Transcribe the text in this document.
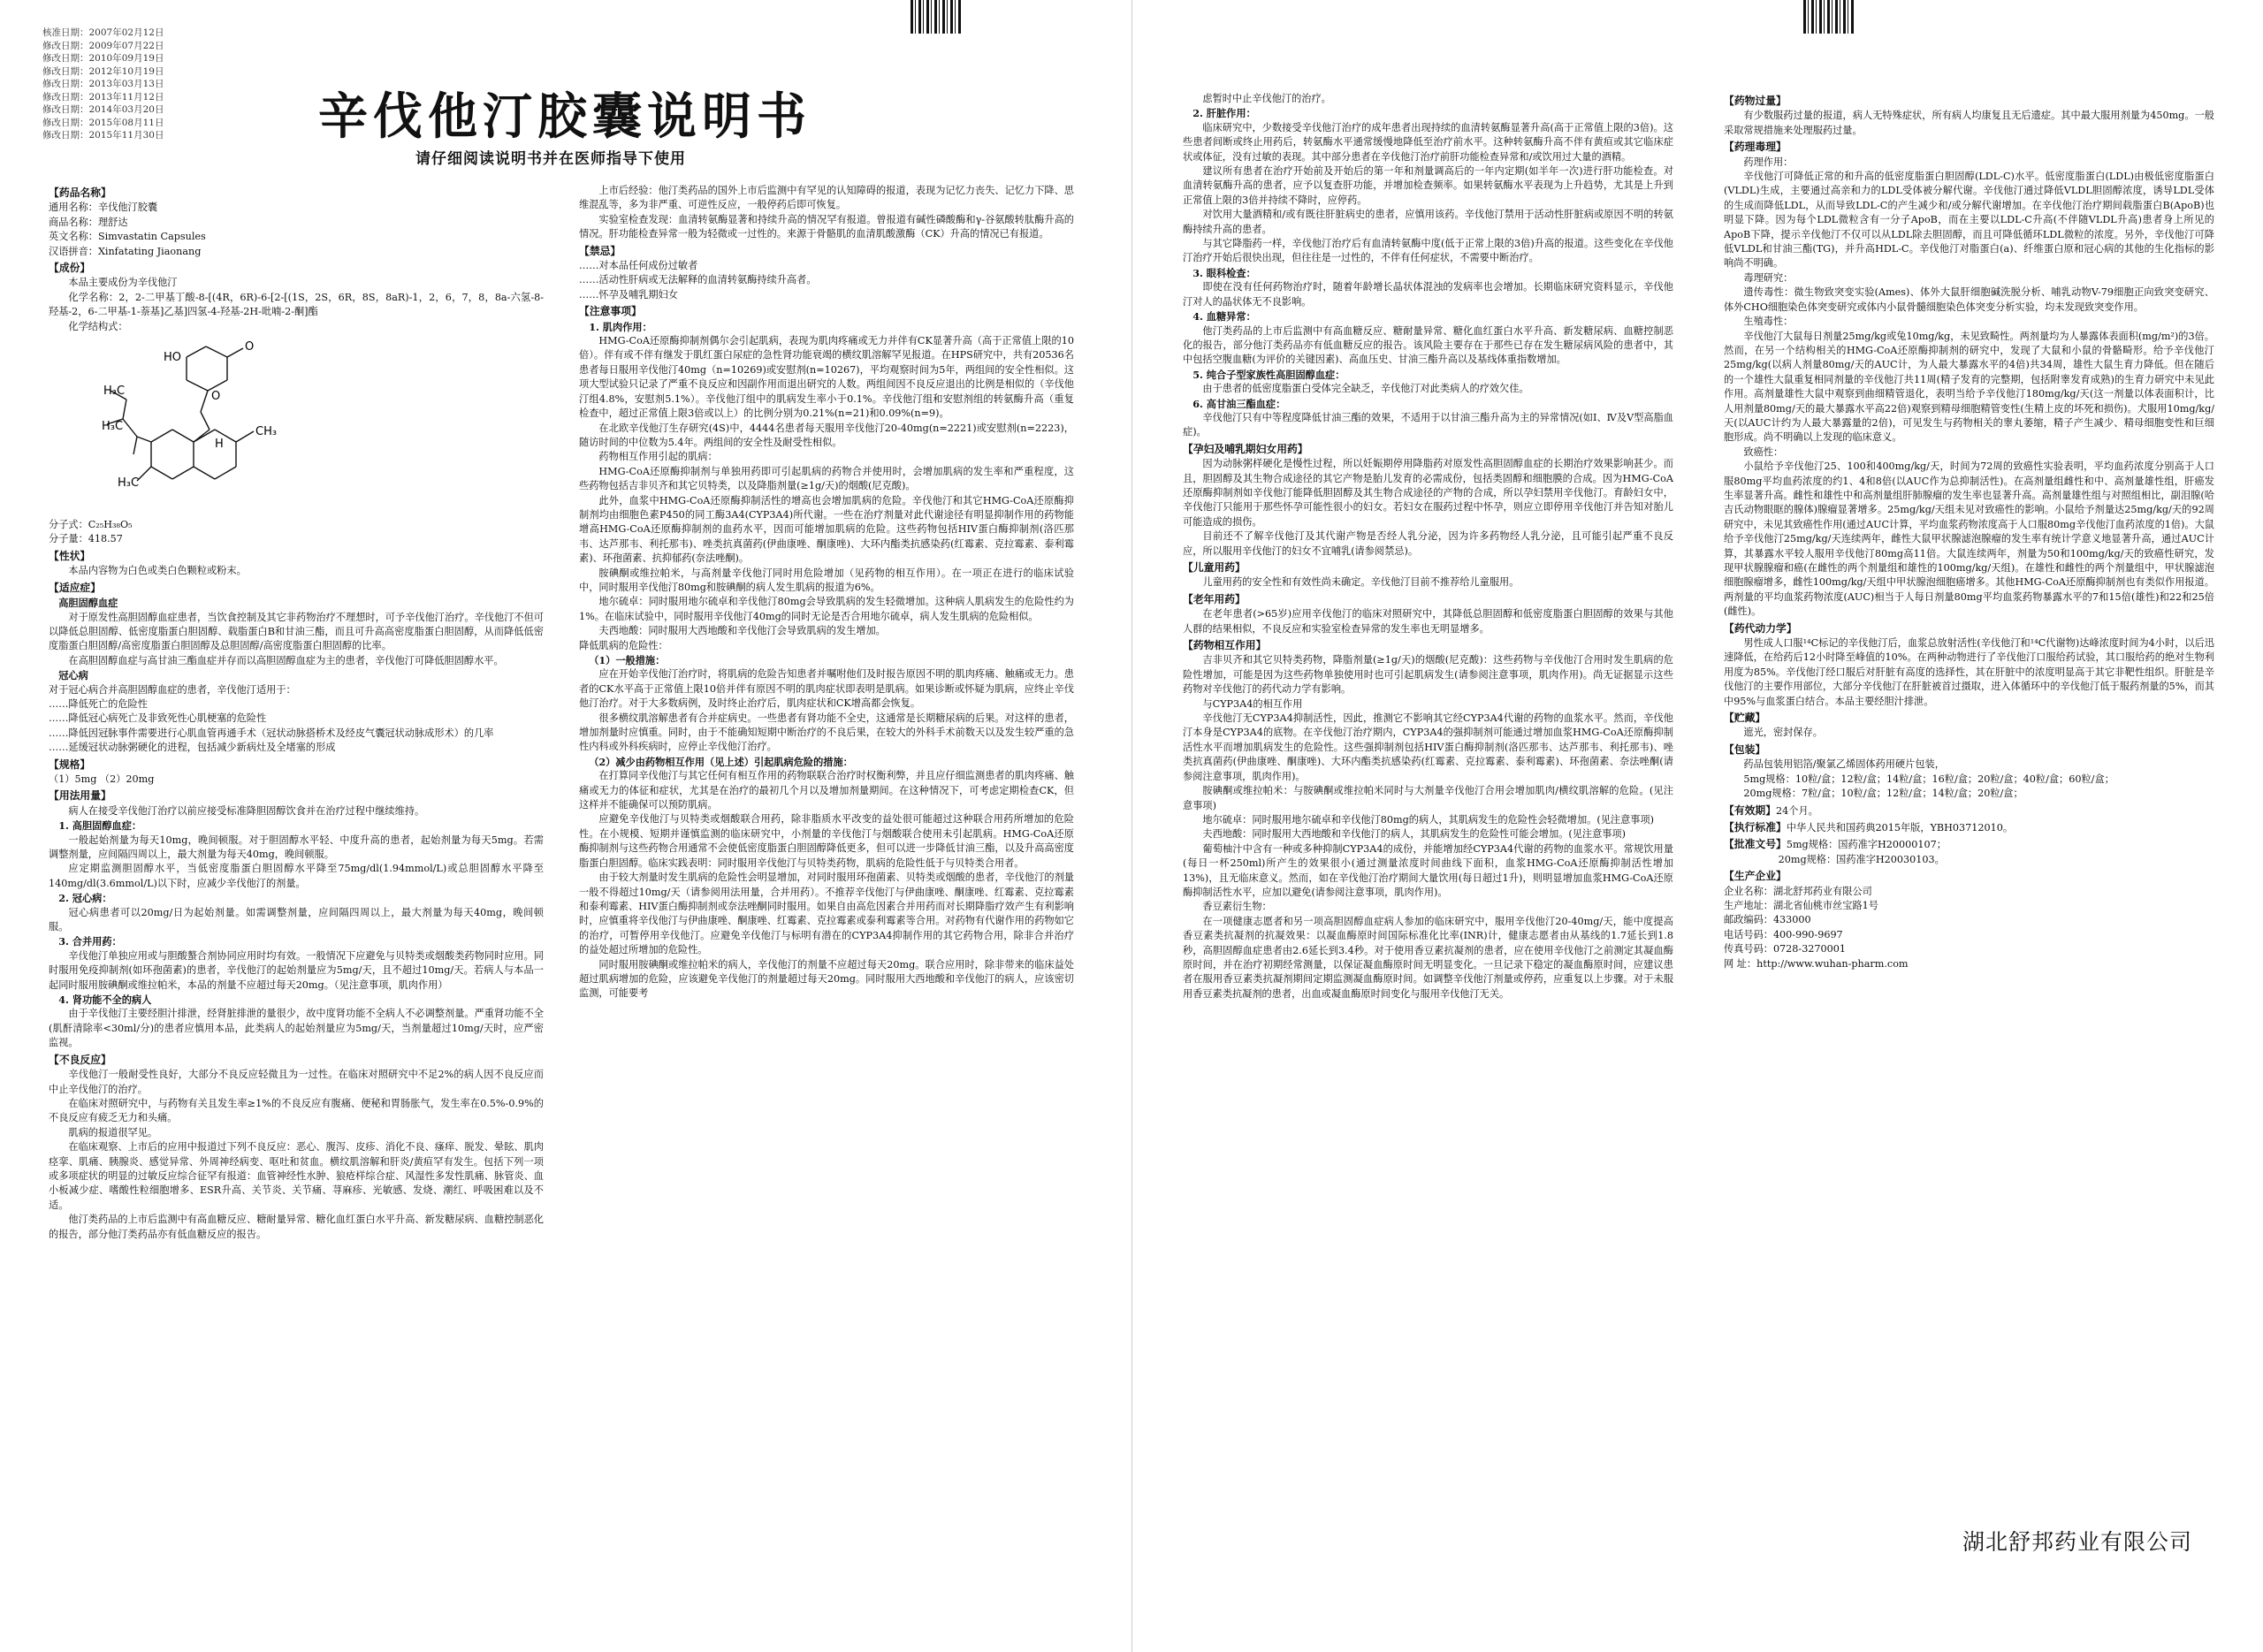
核准日期：2007年02月12日
修改日期：2009年07月22日
修改日期：2010年09月19日
修改日期：2012年10月19日
修改日期：2013年03月13日
修改日期：2013年11月12日
修改日期：2014年03月20日
修改日期：2015年08月11日
修改日期：2015年11月30日	辛伐他汀胶囊说明书
请仔细阅读说明书并在医师指导下使用
【 药品名称 】

通用名称：辛伐他汀胶囊

商品名称：理舒达

英文名称：Simvastatin Capsules

汉语拼音：Xinfatating Jiaonang

【 成份 】

本品主要成份为辛伐他汀

化学名称：2，2-二甲基丁酸-8-[(4R，6R)-6-[2-[(1S，2S，6R，8S，8aR)-1，2，6，7，8，8a-六氢-8-羟基-2，6-二甲基-1-萘基]乙基]四氢-4-羟基-2H-吡喃-2-酮]酯

化学结构式：

HO
O
O
H₃C
H₃C	CH₃
H₃C
H

分子式：C₂₅H₃₈O₅

分子量：418.57

【 性状 】

本品内容物为白色或类白色颗粒或粉末。

【 适应症 】

高胆固醇血症

对于原发性高胆固醇血症患者，当饮食控制及其它非药物治疗不理想时，可予辛伐他汀治疗。辛伐他汀不但可以降低总胆固醇、低密度脂蛋白胆固醇、载脂蛋白B和甘油三酯，而且可升高高密度脂蛋白胆固醇，从而降低低密度脂蛋白胆固醇/高密度脂蛋白胆固醇及总胆固醇/高密度脂蛋白胆固醇的比率。

在高胆固醇血症与高甘油三酯血症并存而以高胆固醇血症为主的患者，辛伐他汀可降低胆固醇水平。

冠心病

对于冠心病合并高胆固醇血症的患者，辛伐他汀适用于：

……降低死亡的危险性

……降低冠心病死亡及非致死性心肌梗塞的危险性

……降低因冠脉事件需要进行心肌血管再通手术（冠状动脉搭桥术及经皮气囊冠状动脉成形术）的几率

……延缓冠状动脉粥硬化的进程，包括减少新病灶及全堵塞的形成

【 规格 】

（1）5mg （2）20mg

【 用法用量 】

病人在接受辛伐他汀治疗以前应接受标准降胆固醇饮食并在治疗过程中继续维持。

1. 高胆固醇血症：

一般起始剂量为每天10mg，晚间顿服。对于胆固醇水平轻、中度升高的患者，起始剂量为每天5mg。若需调整剂量，应间隔四周以上，最大剂量为每天40mg，晚间顿服。

应定期监测胆固醇水平，当低密度脂蛋白胆固醇水平降至75mg/dl(1.94mmol/L)或总胆固醇水平降至140mg/dl(3.6mmol/L)以下时，应减少辛伐他汀的剂量。

2. 冠心病：

冠心病患者可以20mg/日为起始剂量。如需调整剂量，应间隔四周以上，最大剂量为每天40mg，晚间顿服。

3. 合并用药：

辛伐他汀单独应用或与胆酸螯合剂协同应用时均有效。一般情况下应避免与贝特类或烟酸类药物同时应用。同时服用免疫抑制剂(如环孢菌素)的患者，辛伐他汀的起始剂量应为5mg/天，且不超过10mg/天。若病人与本品一起同时服用胺碘酮或维拉帕米，本品的剂量不应超过每天20mg。（见注意事项，肌肉作用）

4. 肾功能不全的病人

由于辛伐他汀主要经胆汁排泄，经肾脏排泄的量很少，故中度肾功能不全病人不必调整剂量。严重肾功能不全(肌酐清除率<30ml/分)的患者应慎用本品，此类病人的起始剂量应为5mg/天，当剂量超过10mg/天时，应严密监视。

【 不良反应 】

辛伐他汀一般耐受性良好，大部分不良反应轻微且为一过性。在临床对照研究中不足2%的病人因不良反应而中止辛伐他汀的治疗。

在临床对照研究中，与药物有关且发生率≥1%的不良反应有腹痛、便秘和胃肠胀气，发生率在0.5%-0.9%的不良反应有疲乏无力和头痛。

肌病的报道很罕见。

在临床观察、上市后的应用中报道过下列不良反应：恶心、腹泻、皮疹、消化不良、瘙痒、脱发、晕眩、肌肉痉挛、肌痛、胰腺炎、感觉异常、外周神经病变、呕吐和贫血。横纹肌溶解和肝炎/黄疸罕有发生。包括下列一项或多项症状的明显的过敏反应综合征罕有报道：血管神经性水肿、狼疮样综合症、风湿性多发性肌痛、脉管炎、血小板减少症、嗜酸性粒细胞增多、ESR升高、关节炎、关节痛、荨麻疹、光敏感、发烧、潮红、呼吸困难以及不适。

他汀类药品的上市后监测中有高血糖反应、糖耐量异常、糖化血红蛋白水平升高、新发糖尿病、血糖控制恶化的报告，部分他汀类药品亦有低血糖反应的报告。

上市后经验：他汀类药品的国外上市后监测中有罕见的认知障碍的报道，表现为记忆力丧失、记忆力下降、思维混乱等，多为非严重、可逆性反应，一般停药后即可恢复。

实验室检查发现：血清转氨酶显著和持续升高的情况罕有报道。曾报道有碱性磷酸酶和γ-谷氨酸转肽酶升高的情况。肝功能检查异常一般为轻微或一过性的。来源于骨骼肌的血清肌酸激酶（CK）升高的情况已有报道。

【 禁忌 】

……对本品任何成份过敏者

……活动性肝病或无法解释的血清转氨酶持续升高者。

……怀孕及哺乳期妇女

【 注意事项 】

1. 肌肉作用：

HMG-CoA还原酶抑制剂偶尔会引起肌病，表现为肌肉疼痛或无力并伴有CK显著升高（高于正常值上限的10倍）。伴有或不伴有继发于肌红蛋白尿症的急性肾功能衰竭的横纹肌溶解罕见报道。在HPS研究中，共有20536名患者每日服用辛伐他汀40mg（n=10269)或安慰剂(n=10267)，平均观察时间为5年，两组间的安全性相似。这项大型试验只记录了严重不良反应和因副作用而退出研究的人数。两组间因不良反应退出的比例是相似的（辛伐他汀组4.8%，安慰剂5.1%）。辛伐他汀组中的肌病发生率小于0.1%。辛伐他汀组和安慰剂组的转氨酶升高（重复检查中，超过正常值上限3倍或以上）的比例分别为0.21%(n=21)和0.09%(n=9)。

在北欧辛伐他汀生存研究(4S)中，4444名患者每天服用辛伐他汀20-40mg(n=2221)或安慰剂(n=2223)，随访时间的中位数为5.4年。两组间的安全性及耐受性相似。

药物相互作用引起的肌病：

HMG-CoA还原酶抑制剂与单独用药即可引起肌病的药物合并使用时，会增加肌病的发生率和严重程度，这些药物包括吉非贝齐和其它贝特类，以及降脂剂量(≥1g/天)的烟酸(尼克酸)。

此外，血浆中HMG-CoA还原酶抑制活性的增高也会增加肌病的危险。辛伐他汀和其它HMG-CoA还原酶抑制剂均由细胞色素P450的同工酶3A4(CYP3A4)所代谢。一些在治疗剂量对此代谢途径有明显抑制作用的药物能增高HMG-CoA还原酶抑制剂的血药水平，因而可能增加肌病的危险。这些药物包括HIV蛋白酶抑制剂(洛匹那韦、达芦那韦、利托那韦)、唑类抗真菌药(伊曲康唑、酮康唑)、大环内酯类抗感染药(红霉素、克拉霉素、泰利霉素)、环孢菌素、抗抑郁药(奈法唑酮)。

胺碘酮或维拉帕米，与高剂量辛伐他汀同时用危险增加（见药物的相互作用）。在一项正在进行的临床试验中，同时服用辛伐他汀80mg和胺碘酮的病人发生肌病的报道为6%。

地尔硫卓：同时服用地尔硫卓和辛伐他汀80mg会导致肌病的发生轻微增加。这种病人肌病发生的危险性约为1%。在临床试验中，同时服用辛伐他汀40mg的同时无论是否合用地尔硫卓，病人发生肌病的危险相似。

夫西地酸：同时服用大西地酸和辛伐他汀会导致肌病的发生增加。

降低肌病的危险性：

（1）一般措施：

应在开始辛伐他汀治疗时，将肌病的危险告知患者并嘱咐他们及时报告原因不明的肌肉疼痛、触痛或无力。患者的CK水平高于正常值上限10倍并伴有原因不明的肌肉症状即表明是肌病。如果诊断或怀疑为肌病，应终止辛伐他汀治疗。对于大多数病例，及时终止治疗后，肌肉症状和CK增高都会恢复。

很多横纹肌溶解患者有合并症病史。一些患者有肾功能不全史，这通常是长期糖尿病的后果。对这样的患者，增加剂量时应慎重。同时，由于不能确知短期中断治疗的不良后果，在较大的外科手术前数天以及发生较严重的急性内科或外科疾病时，应停止辛伐他汀治疗。

（2）减少由药物相互作用（见上述）引起肌病危险的措施：

在打算同辛伐他汀与其它任何有相互作用的药物联联合治疗时权衡利弊，并且应仔细监测患者的肌肉疼痛、触痛或无力的体征和症状，尤其是在治疗的最初几个月以及增加剂量期间。在这种情况下，可考虑定期检查CK，但这样并不能确保可以预防肌病。

应避免辛伐他汀与贝特类或烟酸联合用药，除非脂质水平改变的益处很可能超过这种联合用药所增加的危险性。在小规模、短期并谨慎监测的临床研究中，小剂量的辛伐他汀与烟酸联合使用未引起肌病。HMG-CoA还原酶抑制剂与这些药物合用通常不会使低密度脂蛋白胆固醇降低更多，但可以进一步降低甘油三酯，以及升高高密度脂蛋白胆固醇。临床实践表明：同时服用辛伐他汀与贝特类药物，肌病的危险性低于与贝特类合用者。

由于较大剂量时发生肌病的危险性会明显增加，对同时服用环孢菌素、贝特类或烟酸的患者，辛伐他汀的剂量一般不得超过10mg/天（请参阅用法用量，合并用药）。不推荐辛伐他汀与伊曲康唑、酮康唑、红霉素、克拉霉素和泰利霉素、HIV蛋白酶抑制剂或奈法唑酮同时服用。如果自由高危因素合并用药而对长期降脂疗效产生有利影响时，应慎重将辛伐他汀与伊曲康唑、酮康唑、红霉素、克拉霉素或泰利霉素等合用。对药物有代谢作用的药物如它的治疗，可暂停用辛伐他汀。应避免辛伐他汀与标明有潜在的CYP3A4抑制作用的其它药物合用，除非合并治疗的益处超过所增加的危险性。

同时服用胺碘酮或维拉帕米的病人，辛伐他汀的剂量不应超过每天20mg。联合应用时，除非带来的临床益处超过肌病增加的危险，应该避免辛伐他汀的剂量超过每天20mg。同时服用大西地酸和辛伐他汀的病人，应该密切监测，可能要考

虑暂时中止辛伐他汀的治疗。

2. 肝脏作用：

临床研究中，少数接受辛伐他汀治疗的成年患者出现持续的血清转氨酶显著升高(高于正常值上限的3倍)。这些患者间断或终止用药后，转氨酶水平通常缓慢地降低至治疗前水平。这种转氨酶升高不伴有黄疸或其它临床症状或体征，没有过敏的表现。其中部分患者在辛伐他汀治疗前肝功能检查异常和/或饮用过大量的酒精。

建议所有患者在治疗开始前及开始后的第一年和剂量调高后的一年内定期(如半年一次)进行肝功能检查。对血清转氨酶升高的患者，应予以复查肝功能，并增加检查频率。如果转氨酶水平表现为上升趋势，尤其是上升到正常值上限的3倍并持续不降时，应停药。

对饮用大量酒精和/或有既往肝脏病史的患者，应慎用该药。辛伐他汀禁用于活动性肝脏病或原因不明的转氨酶持续升高的患者。

与其它降脂药一样，辛伐他汀治疗后有血清转氨酶中度(低于正常上限的3倍)升高的报道。这些变化在辛伐他汀治疗开始后很快出现，但往往是一过性的，不伴有任何症状，不需要中断治疗。

3. 眼科检查：

即使在没有任何药物治疗时，随着年龄增长晶状体混浊的发病率也会增加。长期临床研究资料显示，辛伐他汀对人的晶状体无不良影响。

4. 血糖异常：

他汀类药品的上市后监测中有高血糖反应、糖耐量异常、糖化血红蛋白水平升高、新发糖尿病、血糖控制恶化的报告，部分他汀类药品亦有低血糖反应的报告。该风险主要存在于那些已存在发生糖尿病风险的患者中，其中包括空腹血糖(为评价的关键因素)、高血压史、甘油三酯升高以及基线体重指数增加。

5. 纯合子型家族性高胆固醇血症：

由于患者的低密度脂蛋白受体完全缺乏，辛伐他汀对此类病人的疗效欠佳。

6. 高甘油三酯血症：

辛伐他汀只有中等程度降低甘油三酯的效果，不适用于以甘油三酯升高为主的异常情况(如Ⅰ、Ⅳ及Ⅴ型高脂血症)。

【 孕妇及哺乳期妇女用药 】

因为动脉粥样硬化是慢性过程，所以妊娠期停用降脂药对原发性高胆固醇血症的长期治疗效果影响甚少。而且，胆固醇及其生物合成途径的其它产物是胎儿发育的必需成份，包括类固醇和细胞膜的合成。因为HMG-CoA还原酶抑制剂如辛伐他汀能降低胆固醇及其生物合成途径的产物的合成，所以孕妇禁用辛伐他汀。育龄妇女中，辛伐他汀只能用于那些怀孕可能性很小的妇女。若妇女在服药过程中怀孕，则应立即停用辛伐他汀并告知对胎儿可能造成的损伤。

目前还不了解辛伐他汀及其代谢产物是否经人乳分泌，因为许多药物经人乳分泌，且可能引起严重不良反应，所以服用辛伐他汀的妇女不宜哺乳(请参阅禁忌)。

【 儿童用药 】

儿童用药的安全性和有效性尚未确定。辛伐他汀目前不推荐给儿童服用。

【 老年用药 】

在老年患者(>65岁)应用辛伐他汀的临床对照研究中，其降低总胆固醇和低密度脂蛋白胆固醇的效果与其他人群的结果相似，不良反应和实验室检查异常的发生率也无明显增多。

【 药物相互作用 】

吉非贝齐和其它贝特类药物，降脂剂量(≥1g/天)的烟酸(尼克酸)：这些药物与辛伐他汀合用时发生肌病的危险性增加，可能是因为这些药物单独使用时也可引起肌病发生(请参阅注意事项，肌肉作用)。尚无证据显示这些药物对辛伐他汀的药代动力学有影响。

与CYP3A4的相互作用

辛伐他汀无CYP3A4抑制活性，因此，推测它不影响其它经CYP3A4代谢的药物的血浆水平。然而，辛伐他汀本身是CYP3A4的底物。在辛伐他汀治疗期内，CYP3A4的强抑制剂可能通过增加血浆HMG-CoA还原酶抑制活性水平而增加肌病发生的危险性。这些强抑制剂包括HIV蛋白酶抑制剂(洛匹那韦、达芦那韦、利托那韦)、唑类抗真菌药(伊曲康唑、酮康唑)、大环内酯类抗感染药(红霉素、克拉霉素、泰利霉素)、环孢菌素、奈法唑酮(请参阅注意事项，肌肉作用)。

胺碘酮或维拉帕米：与胺碘酮或维拉帕米同时与大剂量辛伐他汀合用会增加肌肉/横纹肌溶解的危险。(见注意事项)

地尔硫卓：同时服用地尔硫卓和辛伐他汀80mg的病人，其肌病发生的危险性会轻微增加。(见注意事项)

夫西地酸：同时服用大西地酸和辛伐他汀的病人，其肌病发生的危险性可能会增加。(见注意事项)

葡萄柚汁中含有一种或多种抑制CYP3A4的成份，并能增加经CYP3A4代谢的药物的血浆水平。常规饮用量(每日一杯250ml)所产生的效果很小(通过测量浓度时间曲线下面积，血浆HMG-CoA还原酶抑制活性增加13%)，且无临床意义。然而，如在辛伐他汀治疗期间大量饮用(每日超过1升)，则明显增加血浆HMG-CoA还原酶抑制活性水平，应加以避免(请参阅注意事项，肌肉作用)。

香豆素衍生物：

在一项健康志愿者和另一项高胆固醇血症病人参加的临床研究中，服用辛伐他汀20-40mg/天，能中度提高香豆素类抗凝剂的抗凝效果：以凝血酶原时间国际标准化比率(INR)计，健康志愿者由从基线的1.7延长到1.8秒，高胆固醇血症患者由2.6延长到3.4秒。对于使用香豆素抗凝剂的患者，应在使用辛伐他汀之前测定其凝血酶原时间，并在治疗初期经常测量，以保证凝血酶原时间无明显变化。一旦记录下稳定的凝血酶原时间，应建议患者在服用香豆素类抗凝剂期间定期监测凝血酶原时间。如调整辛伐他汀剂量或停药，应重复以上步骤。对于未服用香豆素类抗凝剂的患者，出血或凝血酶原时间变化与服用辛伐他汀无关。

【 药物过量 】

有少数服药过量的报道，病人无特殊症状，所有病人均康复且无后遗症。其中最大服用剂量为450mg。一般采取常规措施来处理服药过量。

【 药理毒理 】

药理作用：

辛伐他汀可降低正常的和升高的低密度脂蛋白胆固醇(LDL-C)水平。低密度脂蛋白(LDL)由极低密度脂蛋白(VLDL)生成，主要通过高亲和力的LDL受体被分解代谢。辛伐他汀通过降低VLDL胆固醇浓度，诱导LDL受体的生成而降低LDL，从而导致LDL-C的产生减少和/或分解代谢增加。在辛伐他汀治疗期间载脂蛋白B(ApoB)也明显下降。因为每个LDL微粒含有一分子ApoB，而在主要以LDL-C升高(不伴随VLDL升高)患者身上所见的ApoB下降，提示辛伐他汀不仅可以从LDL除去胆固醇，而且可降低循环LDL微粒的浓度。另外，辛伐他汀可降低VLDL和甘油三酯(TG)，并升高HDL-C。辛伐他汀对脂蛋白(a)、纤维蛋白原和冠心病的其他的生化指标的影响尚不明确。

毒理研究：

遗传毒性：微生物致突变实验(Ames)、体外大鼠肝细胞碱洗脱分析、哺乳动物V-79细胞正向致突变研究、体外CHO细胞染色体突变研究或体内小鼠骨髓细胞染色体突变分析实验，均未发现致突变作用。

生殖毒性：

辛伐他汀大鼠每日剂量25mg/kg或兔10mg/kg，未见致畸性。两剂量均为人暴露体表面积(mg/m²)的3倍。然而，在另一个结构相关的HMG-CoA还原酶抑制剂的研究中，发现了大鼠和小鼠的骨骼畸形。给予辛伐他汀25mg/kg(以病人剂量80mg/天的AUC计，为人最大暴露水平的4倍)共34周，雄性大鼠生育力降低。但在随后的一个雄性大鼠重复相同剂量的辛伐他汀共11周(精子发育的完整期，包括附睾发育成熟)的生育力研究中未见此作用。高剂量雄性大鼠中观察到曲细精管退化，表明当给予辛伐他汀180mg/kg/天(这一剂量以体表面积计，比人用剂量80mg/天的最大暴露水平高22倍)观察到精母细胞精管变性(生精上皮的坏死和损伤)。犬服用10mg/kg/天(以AUC计约为人最大暴露量的2倍)，可见发生与药物相关的睾丸萎缩，精子产生减少、精母细胞变性和巨细胞形成。尚不明确以上发现的临床意义。

致癌性：

小鼠给予辛伐他汀25、100和400mg/kg/天，时间为72周的致癌性实验表明，平均血药浓度分别高于人口服80mg平均血药浓度的约1、4和8倍(以AUC作为总抑制活性)。在高剂量组雌性和中、高剂量雄性组，肝癌发生率显著升高。雌性和雄性中和高剂量组肝肺腺瘤的发生率也显著升高。高剂量雄性组与对照组相比，副泪腺(哈吉氏动物眼眶的腺体)腺瘤显著增多。25mg/kg/天组未见对致癌性的影响。小鼠给予剂量达25mg/kg/天的92周研究中，未见其致癌性作用(通过AUC计算，平均血浆药物浓度高于人口服80mg辛伐他汀血药浓度的1倍)。大鼠给予辛伐他汀25mg/kg/天连续两年，雌性大鼠甲状腺滤泡腺瘤的发生率有统计学意义地显著升高，通过AUC计算，其暴露水平较人服用辛伐他汀80mg高11倍。大鼠连续两年，剂量为50和100mg/kg/天的致癌性研究，发现甲状腺腺瘤和癌(在雌性的两个剂量组和雄性的100mg/kg/天组)。在雄性和雌性的两个剂量组中，甲状腺滤泡细胞腺瘤增多，雌性100mg/kg/天组中甲状腺泡细胞癌增多。其他HMG-CoA还原酶抑制剂也有类似作用报道。两剂量的平均血浆药物浓度(AUC)相当于人每日剂量80mg平均血浆药物暴露水平的7和15倍(雄性)和22和25倍(雌性)。

【 药代动力学 】

男性成人口服¹⁴C标记的辛伐他汀后，血浆总放射活性(辛伐他汀和¹⁴C代谢物)达峰浓度时间为4小时，以后迅速降低，在给药后12小时降至峰值的10%。在两种动物进行了辛伐他汀口服给药试验，其口服给药的绝对生物利用度为85%。辛伐他汀经口服后对肝脏有高度的选择性，其在肝脏中的浓度明显高于其它非靶性组织。肝脏是辛伐他汀的主要作用部位，大部分辛伐他汀在肝脏被首过摄取，进入体循环中的辛伐他汀低于服药剂量的5%，而其中95%与血浆蛋白结合。本品主要经胆汁排泄。

【 贮藏 】

遮光，密封保存。

【 包装 】

药品包装用铝箔/聚氯乙烯固体药用硬片包装，

5mg规格：10粒/盒；12粒/盒；14粒/盒；16粒/盒；20粒/盒；40粒/盒；60粒/盒；

20mg规格：7粒/盒；10粒/盒；12粒/盒；14粒/盒；20粒/盒；

【 有效期 】 24个月。
【 执行标准 】 中华人民共和国药典2015年版，YBH03712010。
【 批准文号 】 5mg规格：国药准字H20000107；

20mg规格：国药准字H20030103。

【 生产企业 】

企业名称：湖北舒邦药业有限公司

生产地址：湖北省仙桃市丝宝路1号

邮政编码：433000

电话号码：400-990-9697

传真号码：0728-3270001

网 址：http://www.wuhan-pharm.com

湖北舒邦药业有限公司
